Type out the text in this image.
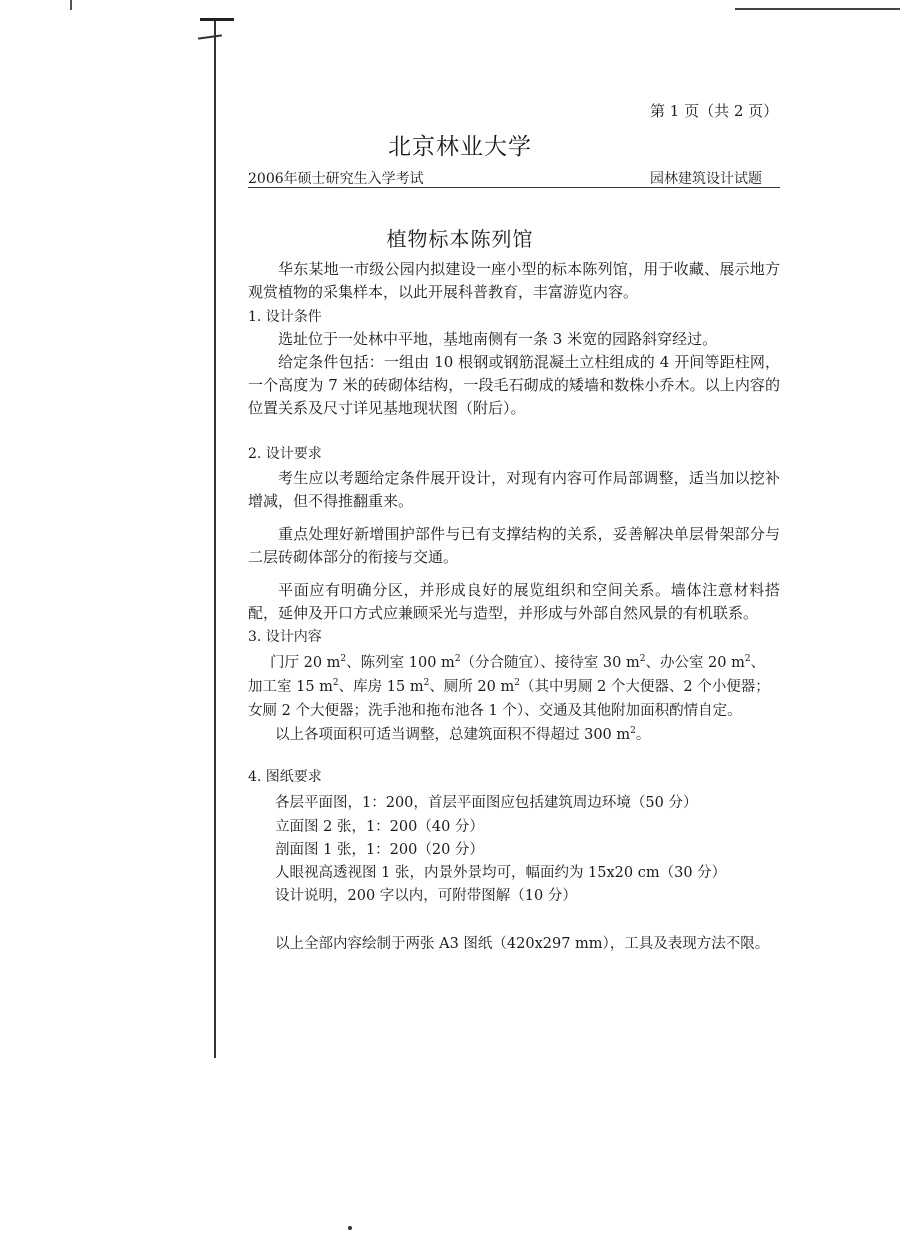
第 1 页（共 2 页）
北京林业大学
2006年硕士研究生入学考试	园林建筑设计试题
植物标本陈列馆

华东某地一市级公园内拟建设一座小型的标本陈列馆，用于收藏、展示地方观赏植物的采集样本，以此开展科普教育，丰富游览内容。

1. 设计条件

选址位于一处林中平地，基地南侧有一条 3 米宽的园路斜穿经过。

给定条件包括：一组由 10 根钢或钢筋混凝土立柱组成的 4 开间等距柱网，一个高度为 7 米的砖砌体结构，一段毛石砌成的矮墙和数株小乔木。以上内容的位置关系及尺寸详见基地现状图（附后）。

2. 设计要求

考生应以考题给定条件展开设计，对现有内容可作局部调整，适当加以挖补增减，但不得推翻重来。

重点处理好新增围护部件与已有支撑结构的关系，妥善解决单层骨架部分与二层砖砌体部分的衔接与交通。

平面应有明确分区，并形成良好的展览组织和空间关系。墙体注意材料搭配，延伸及开口方式应兼顾采光与造型，并形成与外部自然风景的有机联系。

3. 设计内容
门厅 20 $m^2$、陈列室 100 $m^2$（分合随宜）、接待室 30 $m^2$、办公室 20 $m^2$、
加工室 15 $m^2$、库房 15 $m^2$、厕所 20 $m^2$（其中男厕 2 个大便器、2 个小便器；
女厕 2 个大便器；洗手池和拖布池各 1 个）、交通及其他附加面积酌情自定。
以上各项面积可适当调整，总建筑面积不得超过 300 $m^2$。
4. 图纸要求
各层平面图，1：200，首层平面图应包括建筑周边环境（50 分）
立面图 2 张，1：200（40 分）
剖面图 1 张，1：200（20 分）
人眼视高透视图 1 张，内景外景均可，幅面约为 15x20 cm（30 分）
设计说明，200 字以内，可附带图解（10 分）
以上全部内容绘制于两张 A3 图纸（420x297 mm），工具及表现方法不限。
